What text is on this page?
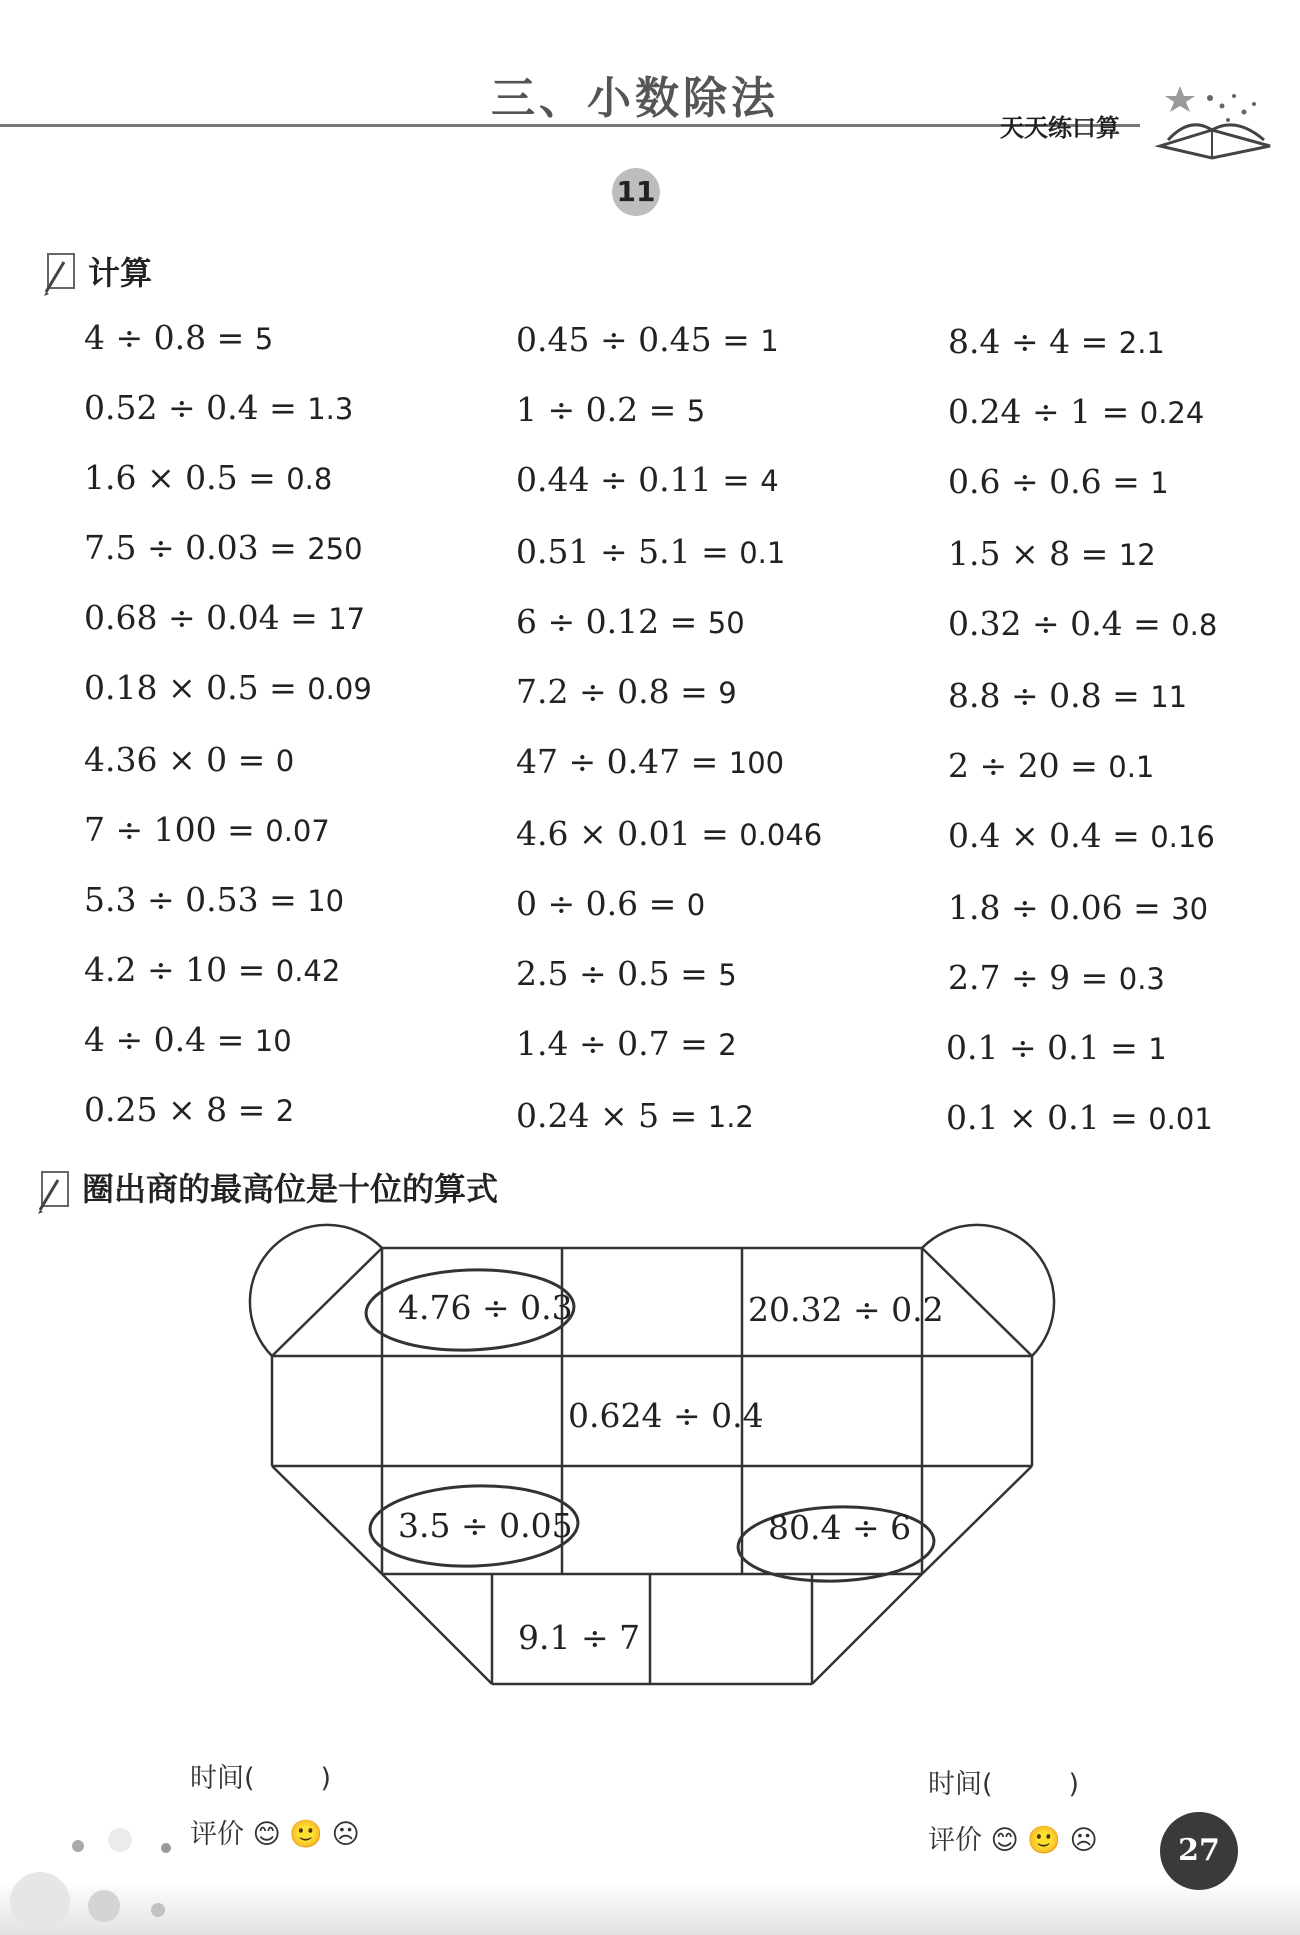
三、小数除法
天天练口算
11
计算
4 ÷ 0.8 = 5
0.52 ÷ 0.4 = 1.3
1.6 × 0.5 = 0.8
7.5 ÷ 0.03 = 250
0.68 ÷ 0.04 = 17
0.18 × 0.5 = 0.09
4.36 × 0 = 0
7 ÷ 100 = 0.07
5.3 ÷ 0.53 = 10
4.2 ÷ 10 = 0.42
4 ÷ 0.4 = 10
0.25 × 8 = 2
0.45 ÷ 0.45 = 1
1 ÷ 0.2 = 5
0.44 ÷ 0.11 = 4
0.51 ÷ 5.1 = 0.1
6 ÷ 0.12 = 50
7.2 ÷ 0.8 = 9
47 ÷ 0.47 = 100
4.6 × 0.01 = 0.046
0 ÷ 0.6 = 0
2.5 ÷ 0.5 = 5
1.4 ÷ 0.7 = 2
0.24 × 5 = 1.2
8.4 ÷ 4 = 2.1
0.24 ÷ 1 = 0.24
0.6 ÷ 0.6 = 1
1.5 × 8 = 12
0.32 ÷ 0.4 = 0.8
8.8 ÷ 0.8 = 11
2 ÷ 20 = 0.1
0.4 × 0.4 = 0.16
1.8 ÷ 0.06 = 30
2.7 ÷ 9 = 0.3
0.1 ÷ 0.1 = 1
0.1 × 0.1 = 0.01
圈出商的最高位是十位的算式
4.76 ÷ 0.3	20.32 ÷ 0.2
0.624 ÷ 0.4
3.5 ÷ 0.05	80.4 ÷ 6
9.1 ÷ 7
时间( )
评价 😊 🙂 ☹
时间(	)
评价 😊 🙂 ☹	27
